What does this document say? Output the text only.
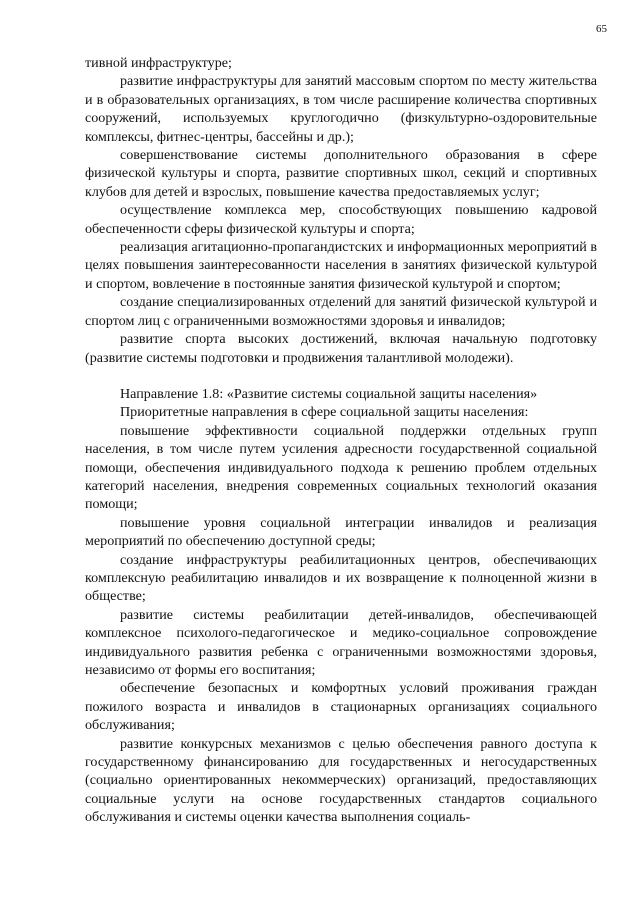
65

тивной инфраструктуре;

развитие инфраструктуры для занятий массовым спортом по месту жительства и в образовательных организациях, в том числе расширение количества спортивных сооружений, используемых круглогодично (физкультурно-оздоровительные комплексы, фитнес-центры, бассейны и др.);

совершенствование системы дополнительного образования в сфере физической культуры и спорта, развитие спортивных школ, секций и спортивных клубов для детей и взрослых, повышение качества предоставляемых услуг;

осуществление комплекса мер, способствующих повышению кадровой обеспеченности сферы физической культуры и спорта;

реализация агитационно-пропагандистских и информационных мероприятий в целях повышения заинтересованности населения в занятиях физической культурой и спортом, вовлечение в постоянные занятия физической культурой и спортом;

создание специализированных отделений для занятий физической культурой и спортом лиц с ограниченными возможностями здоровья и инвалидов;

развитие спорта высоких достижений, включая начальную подготовку (развитие системы подготовки и продвижения талантливой молодежи).

Направление 1.8: «Развитие системы социальной защиты населения»

Приоритетные направления в сфере социальной защиты населения:

повышение эффективности социальной поддержки отдельных групп населения, в том числе путем усиления адресности государственной социальной помощи, обеспечения индивидуального подхода к решению проблем отдельных категорий населения, внедрения современных социальных технологий оказания помощи;

повышение уровня социальной интеграции инвалидов и реализация мероприятий по обеспечению доступной среды;

создание инфраструктуры реабилитационных центров, обеспечивающих комплексную реабилитацию инвалидов и их возвращение к полноценной жизни в обществе;

развитие системы реабилитации детей-инвалидов, обеспечивающей комплексное психолого-педагогическое и медико-социальное сопровождение индивидуального развития ребенка с ограниченными возможностями здоровья, независимо от формы его воспитания;

обеспечение безопасных и комфортных условий проживания граждан пожилого возраста и инвалидов в стационарных организациях социального обслуживания;

развитие конкурсных механизмов с целью обеспечения равного доступа к государственному финансированию для государственных и негосударственных (социально ориентированных некоммерческих) организаций, предоставляющих социальные услуги на основе государственных стандартов социального обслуживания и системы оценки качества выполнения социаль-
